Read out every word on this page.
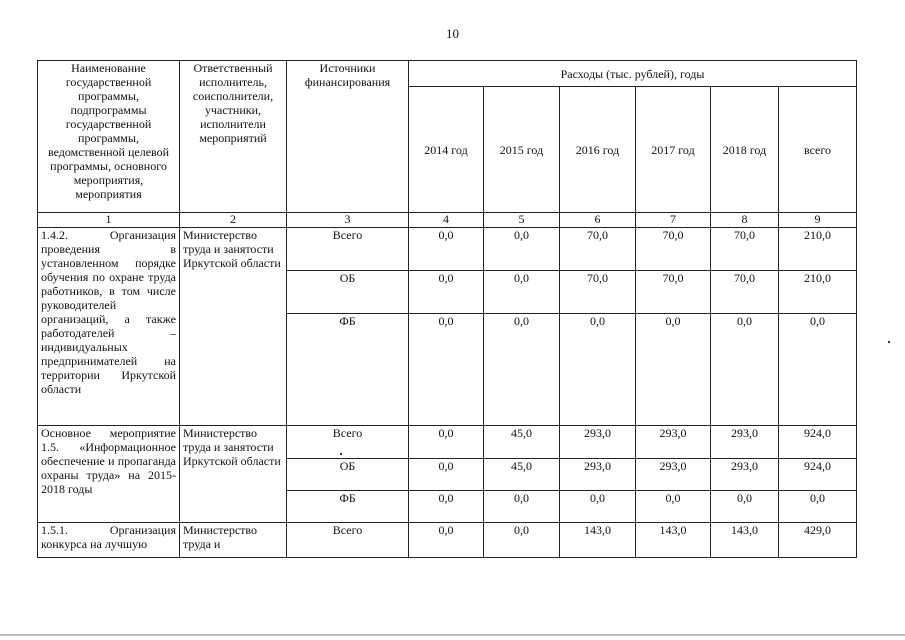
10
Наименование государственной программы, подпрограммы государственной программы, ведомственной целевой программы, основного мероприятия, мероприятия	Ответственный исполнитель, соисполнители, участники, исполнители мероприятий	Источники финансирования	Расходы (тыс. рублей), годы					
			2014 год	2015 год	2016 год	2017 год	2018 год	всего
1	2	3	4	5	6	7	8	9
1.4.2. Организация проведения в установленном порядке обучения по охране труда работников, в том числе руководителей организаций, а также работодателей – индивидуальных предпринимателей на территории Иркутской области	Министерство труда и занятости Иркутской области	Всего	0,0	0,0	70,0	70,0	70,0	210,0
		ОБ	0,0	0,0	70,0	70,0	70,0	210,0
		ФБ	0,0	0,0	0,0	0,0	0,0	0,0
Основное мероприятие 1.5. «Информационное обеспечение и пропаганда охраны труда» на 2015-2018 годы	Министерство труда и занятости Иркутской области	Всего	0,0	45,0	293,0	293,0	293,0	924,0
		ОБ	0,0	45,0	293,0	293,0	293,0	924,0
		ФБ	0,0	0,0	0,0	0,0	0,0	0,0
1.5.1. Организация конкурса на лучшую	Министерство труда и	Всего	0,0	0,0	143,0	143,0	143,0	429,0
